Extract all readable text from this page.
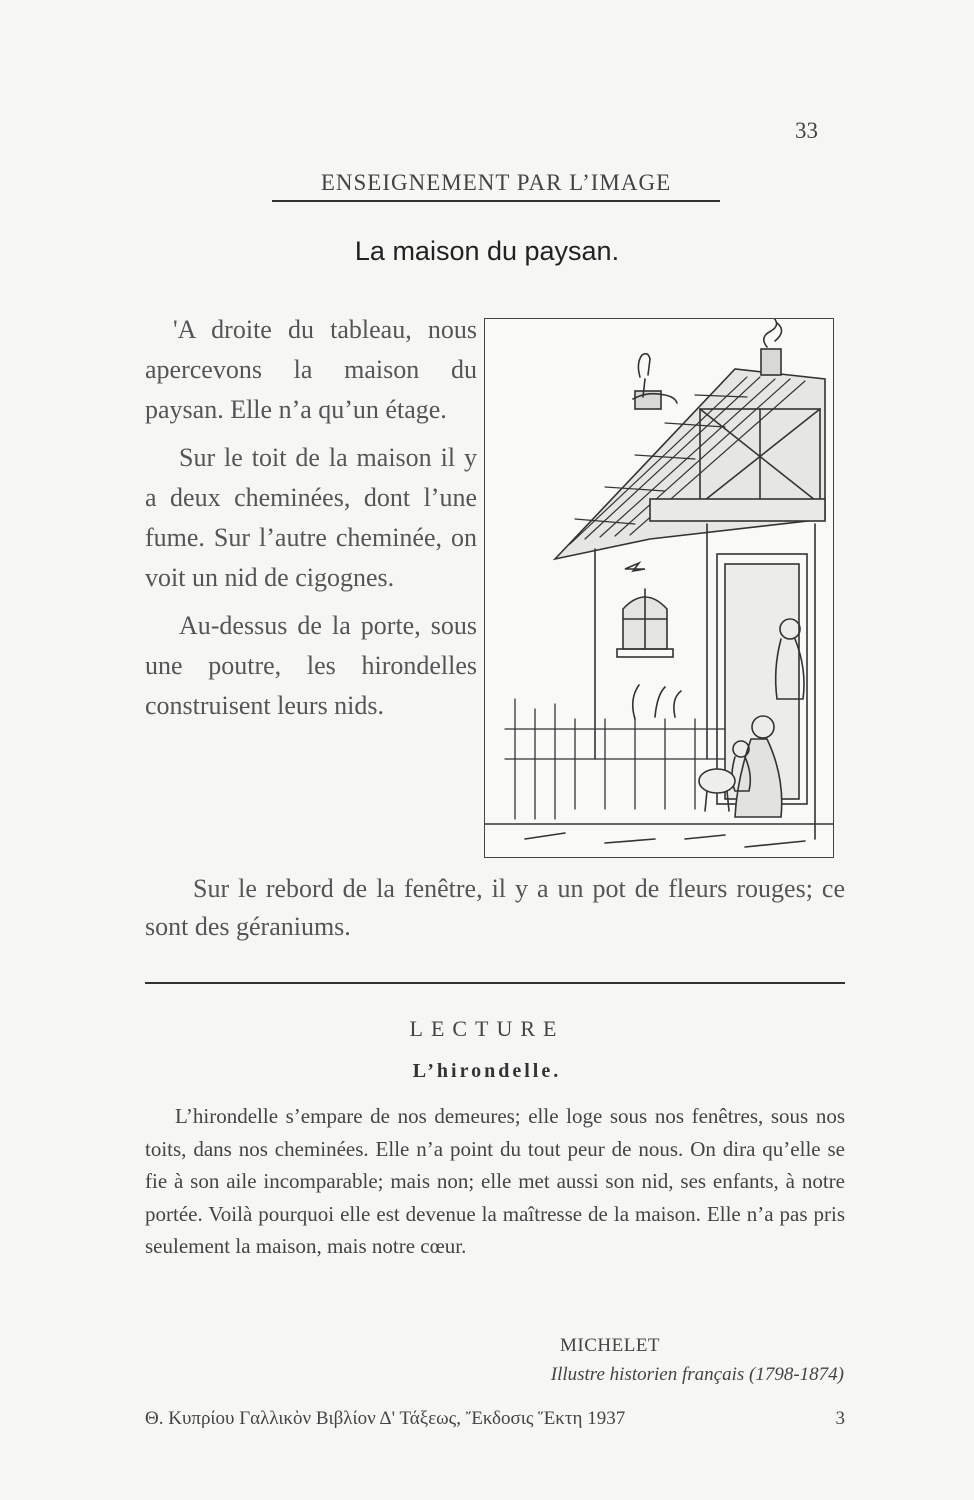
33
ENSEIGNEMENT PAR L’IMAGE
La maison du paysan.

'A droite du tableau, nous apercevons la maison du paysan. Elle n’a qu’un étage.

Sur le toit de la maison il y a deux cheminées, dont l’une fume. Sur l’autre cheminée, on voit un nid de cigognes.

Au-dessus de la porte, sous une poutre, les hirondelles construisent leurs nids.

Sur le rebord de la fenêtre, il y a un pot de fleurs rouges; ce sont des géraniums.
LECTURE
L’hirondelle.
L’hirondelle s’empare de nos demeures; elle loge sous nos fenêtres, sous nos toits, dans nos cheminées. Elle n’a point du tout peur de nous. On dira qu’elle se fie à son aile incomparable; mais non; elle met aussi son nid, ses enfants, à notre portée. Voilà pourquoi elle est devenue la maîtresse de la maison. Elle n’a pas pris seulement la maison, mais notre cœur.
MICHELET
Illustre historien français (1798-1874)
Θ. Κυπρίου Γαλλικὸν Βιβλίον Δ' Τάξεως, Ἔκδοσις Ἕκτη 1937	3
